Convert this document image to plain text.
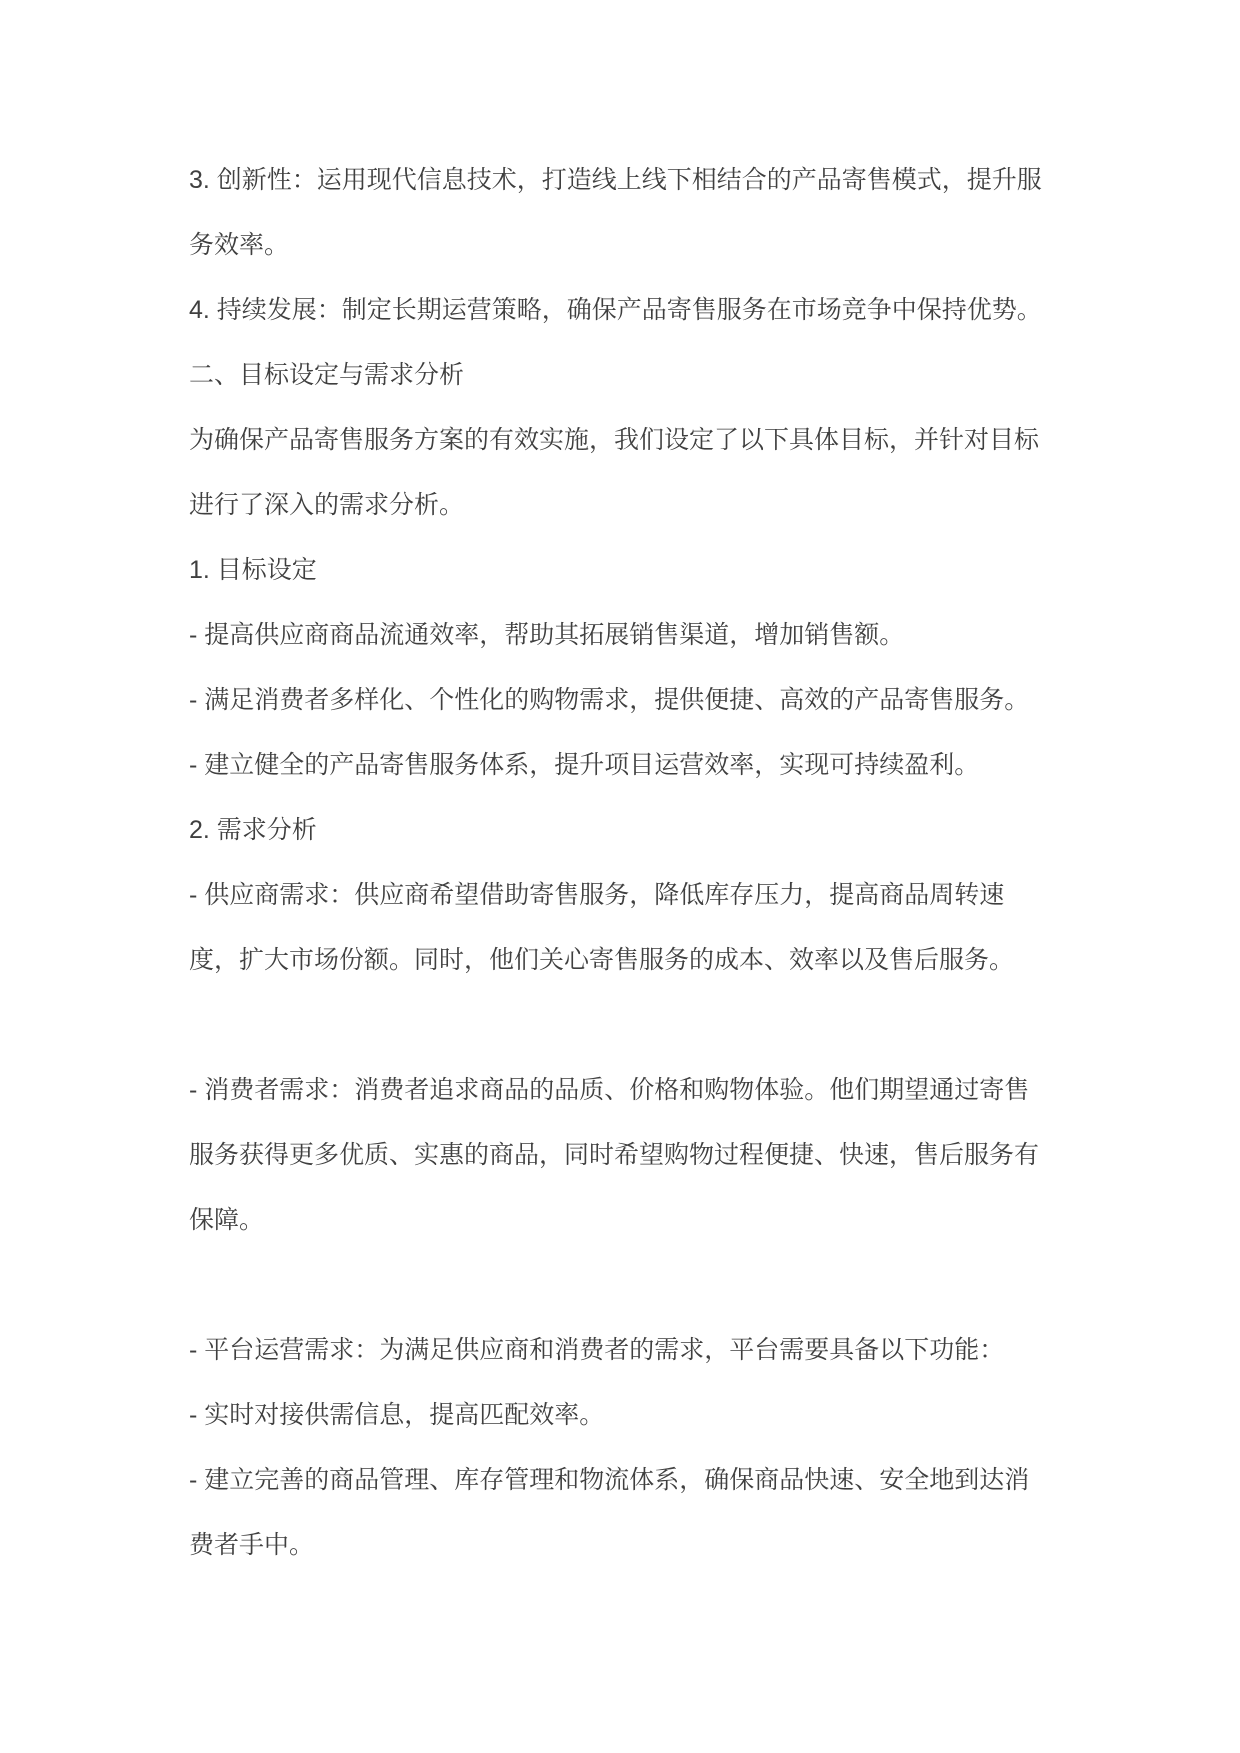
3. 创新性：运用现代信息技术，打造线上线下相结合的产品寄售模式，提升服
务效率。
4. 持续发展：制定长期运营策略，确保产品寄售服务在市场竞争中保持优势。
二、目标设定与需求分析
为确保产品寄售服务方案的有效实施，我们设定了以下具体目标，并针对目标
进行了深入的需求分析。
1. 目标设定
- 提高供应商商品流通效率，帮助其拓展销售渠道，增加销售额。
- 满足消费者多样化、个性化的购物需求，提供便捷、高效的产品寄售服务。
- 建立健全的产品寄售服务体系，提升项目运营效率，实现可持续盈利。
2. 需求分析
- 供应商需求：供应商希望借助寄售服务，降低库存压力，提高商品周转速
度，扩大市场份额。同时，他们关心寄售服务的成本、效率以及售后服务。
- 消费者需求：消费者追求商品的品质、价格和购物体验。他们期望通过寄售
服务获得更多优质、实惠的商品，同时希望购物过程便捷、快速，售后服务有
保障。
- 平台运营需求：为满足供应商和消费者的需求，平台需要具备以下功能：
- 实时对接供需信息，提高匹配效率。
- 建立完善的商品管理、库存管理和物流体系，确保商品快速、安全地到达消
费者手中。
